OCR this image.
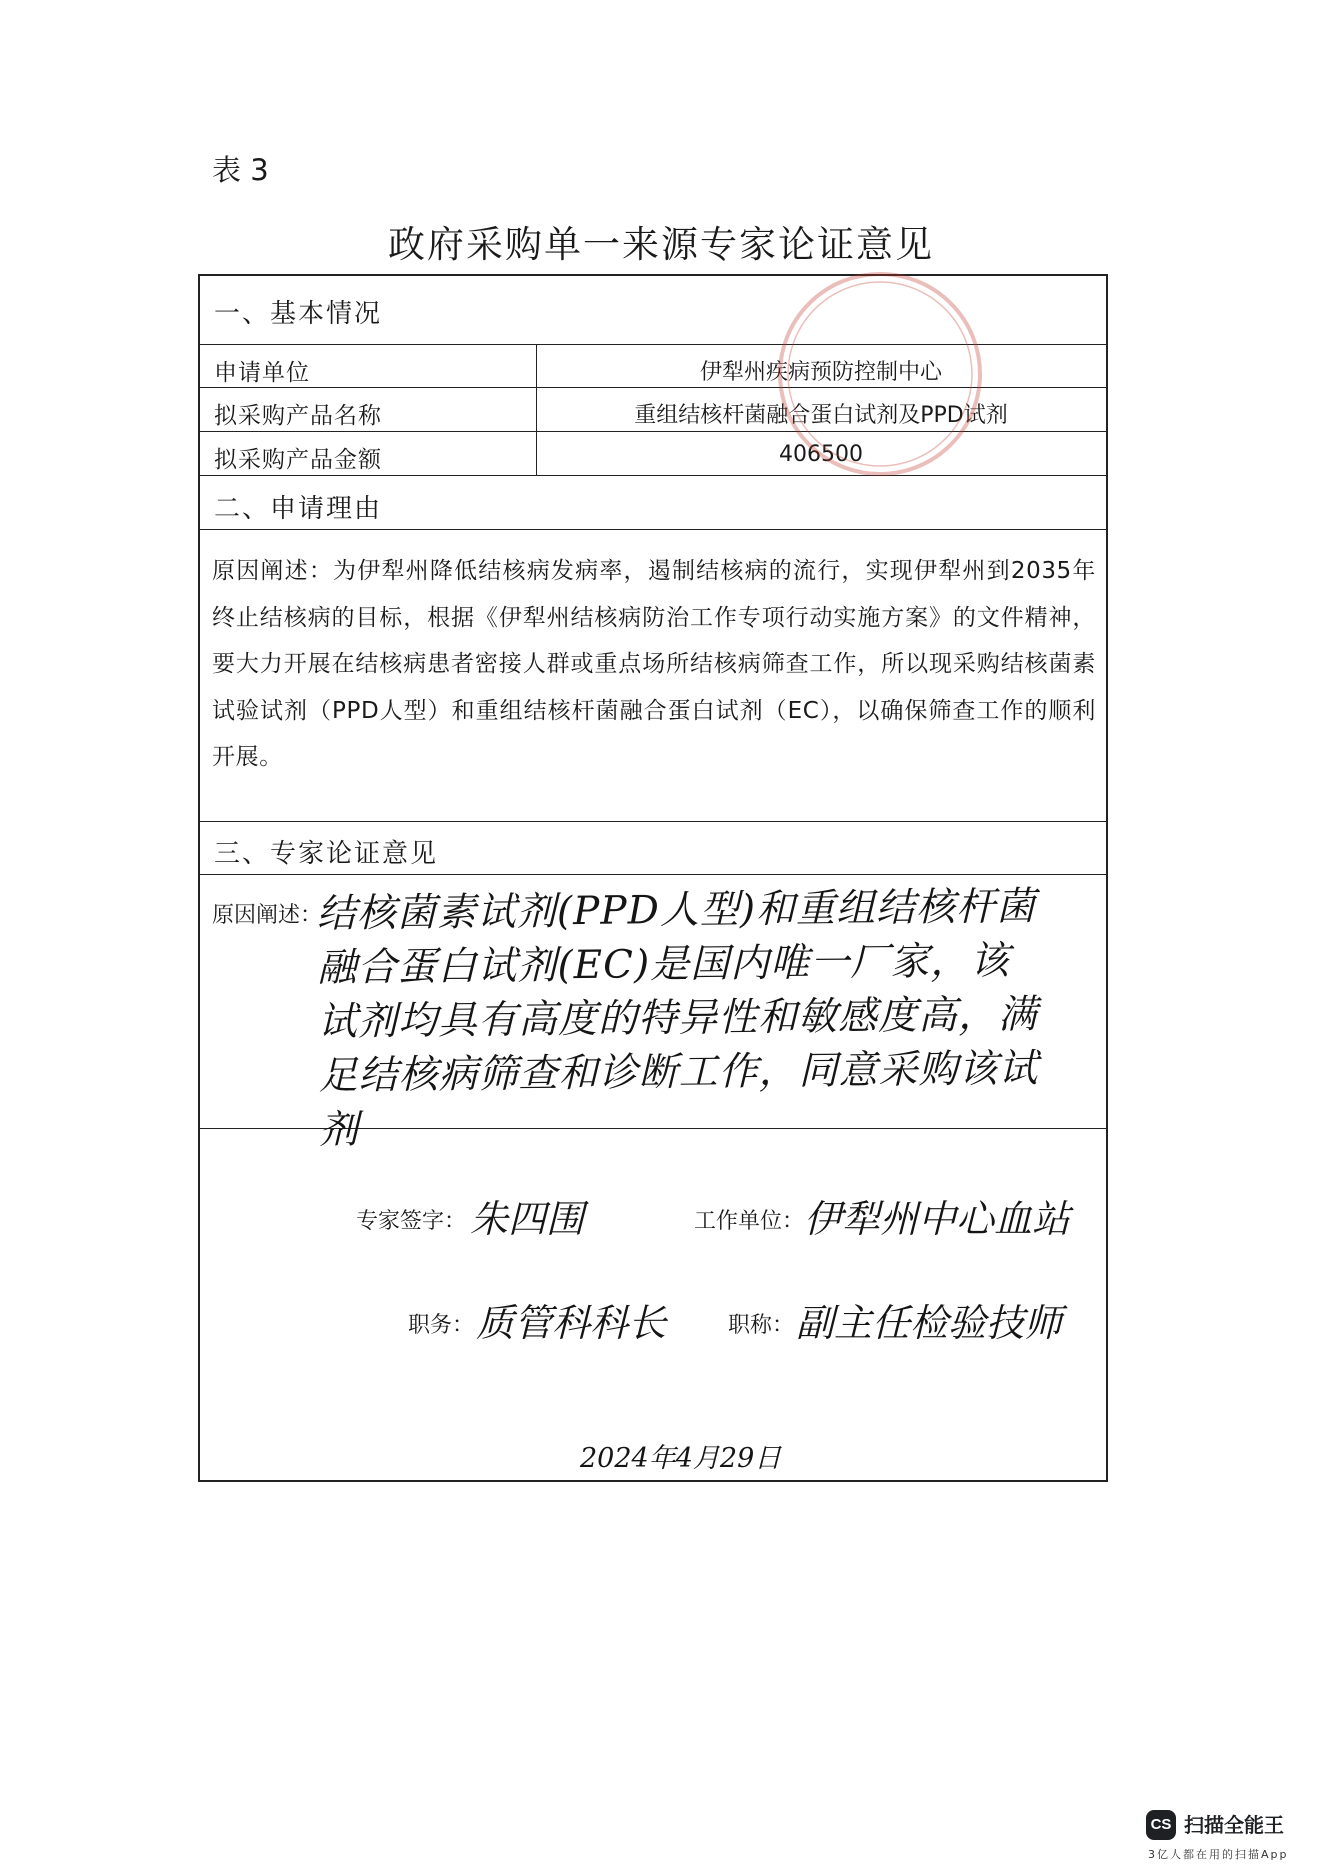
表 3
政府采购单一来源专家论证意见
一、基本情况
申请单位	伊犁州疾病预防控制中心
拟采购产品名称	重组结核杆菌融合蛋白试剂及PPD试剂
拟采购产品金额	406500
二、申请理由
原因阐述：为伊犁州降低结核病发病率，遏制结核病的流行，实现伊犁州到2035年终止结核病的目标，根据《伊犁州结核病防治工作专项行动实施方案》的文件精神，要大力开展在结核病患者密接人群或重点场所结核病筛查工作，所以现采购结核菌素试验试剂（PPD人型）和重组结核杆菌融合蛋白试剂（EC），以确保筛查工作的顺利开展。
三、专家论证意见
原因阐述：
结核菌素试剂(PPD人型)和重组结核杆菌融合蛋白试剂(EC)是国内唯一厂家，该试剂均具有高度的特异性和敏感度高，满足结核病筛查和诊断工作，同意采购该试剂
专家签字： 朱四围	工作单位： 伊犁州中心血站
职务： 质管科科长	职称： 副主任检验技师
2024年4月29日
CS 扫描全能王
3亿人都在用的扫描App
